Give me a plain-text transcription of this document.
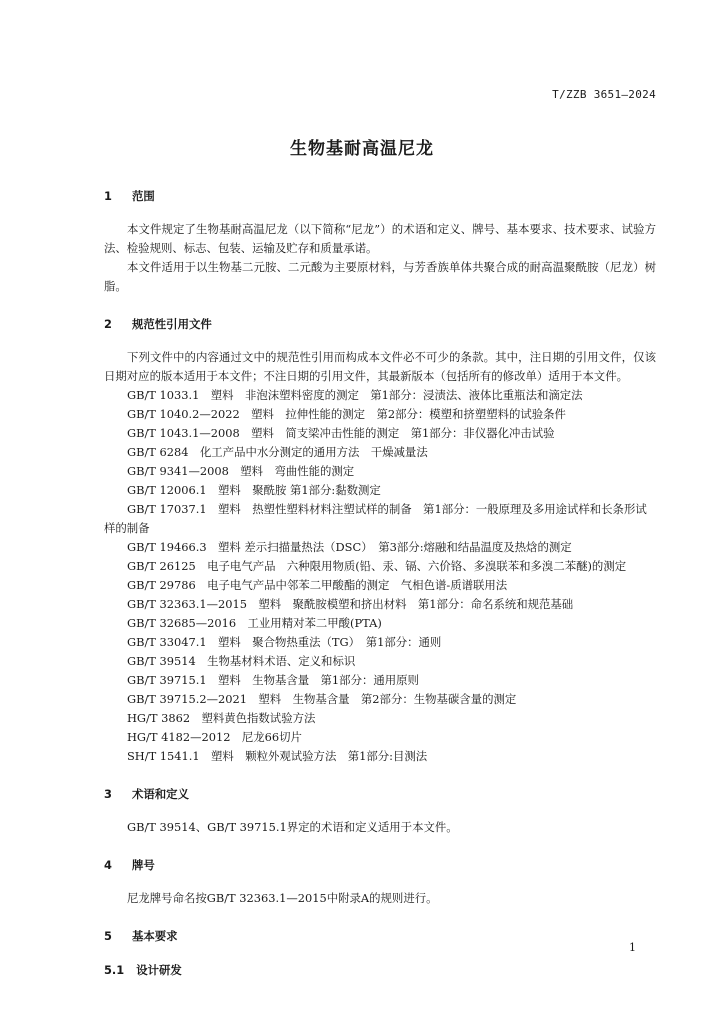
T/ZZB 3651—2024
生物基耐高温尼龙
1 范围

本文件规定了生物基耐高温尼龙（以下简称“尼龙”）的术语和定义、牌号、基本要求、技术要求、试验方法、检验规则、标志、包装、运输及贮存和质量承诺。

本文件适用于以生物基二元胺、二元酸为主要原材料，与芳香族单体共聚合成的耐高温聚酰胺（尼龙）树脂。

2 规范性引用文件

下列文件中的内容通过文中的规范性引用而构成本文件必不可少的条款。其中，注日期的引用文件，仅该日期对应的版本适用于本文件；不注日期的引用文件，其最新版本（包括所有的修改单）适用于本文件。

GB/T 1033.1　塑料　非泡沫塑料密度的测定　第1部分：浸渍法、液体比重瓶法和滴定法
GB/T 1040.2—2022　塑料　拉伸性能的测定　第2部分：模塑和挤塑塑料的试验条件
GB/T 1043.1—2008　塑料　简支梁冲击性能的测定　第1部分：非仪器化冲击试验
GB/T 6284　化工产品中水分测定的通用方法　干燥减量法
GB/T 9341—2008　塑料　弯曲性能的测定
GB/T 12006.1　塑料　聚酰胺 第1部分:黏数测定
GB/T 17037.1　塑料　热塑性塑料材料注塑试样的制备　第1部分：一般原理及多用途试样和长条形试样的制备
GB/T 19466.3　塑料 差示扫描量热法（DSC）　第3部分:熔融和结晶温度及热焓的测定
GB/T 26125　电子电气产品　六种限用物质(铅、汞、镉、六价铬、多溴联苯和多溴二苯醚)的测定
GB/T 29786　电子电气产品中邻苯二甲酸酯的测定　气相色谱-质谱联用法
GB/T 32363.1—2015　塑料　聚酰胺模塑和挤出材料　第1部分：命名系统和规范基础
GB/T 32685—2016　工业用精对苯二甲酸(PTA)
GB/T 33047.1　塑料　聚合物热重法（TG）　第1部分：通则
GB/T 39514　生物基材料术语、定义和标识
GB/T 39715.1　塑料　生物基含量　第1部分：通用原则
GB/T 39715.2—2021　塑料　生物基含量　第2部分：生物基碳含量的测定
HG/T 3862　塑料黄色指数试验方法
HG/T 4182—2012　尼龙66切片
SH/T 1541.1　塑料　颗粒外观试验方法　第1部分:目测法
3 术语和定义

GB/T 39514、GB/T 39715.1界定的术语和定义适用于本文件。

4 牌号

尼龙牌号命名按GB/T 32363.1—2015中附录A的规则进行。

5 基本要求
5.1 设计研发
1
